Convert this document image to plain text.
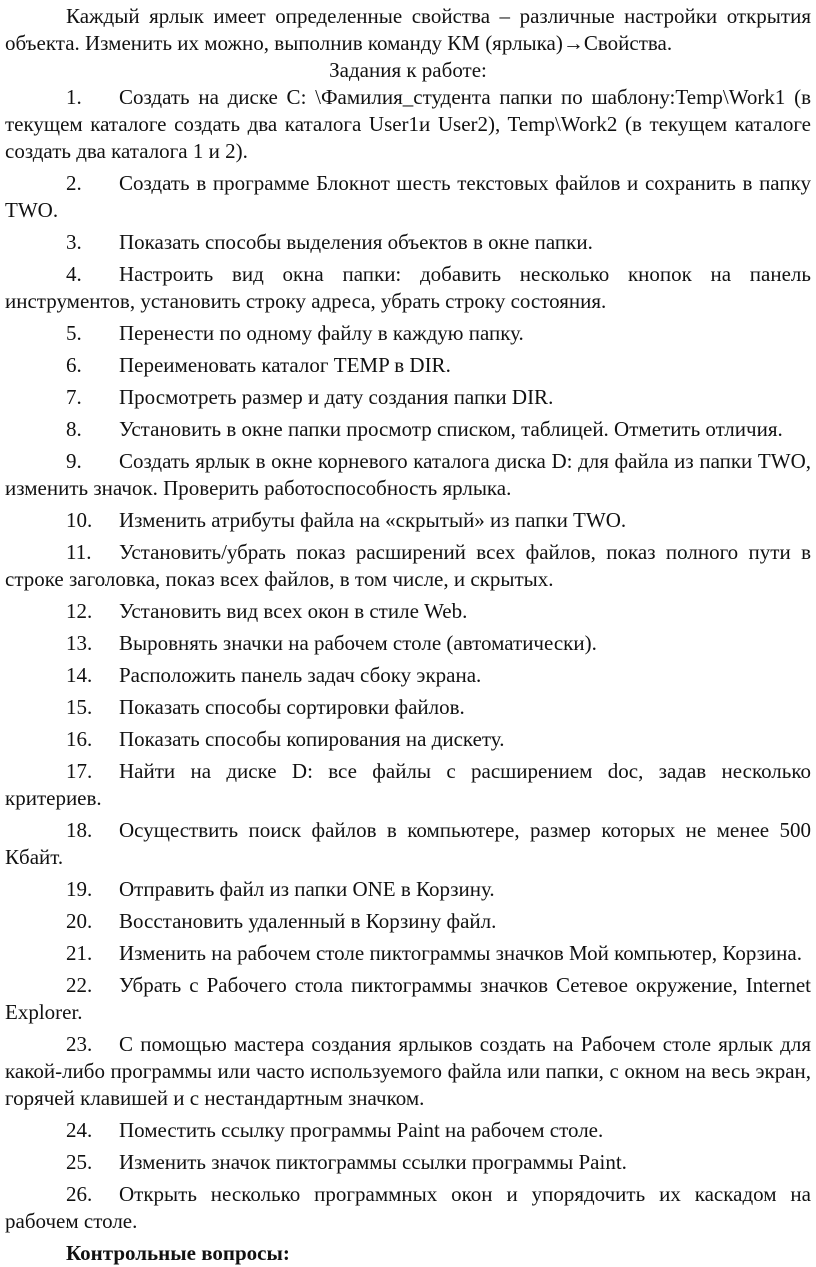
Каждый ярлык имеет определенные свойства – различные настройки открытия объекта. Изменить их можно, выполнив команду КМ (ярлыка)→Свойства.

Задания к работе:

1. Создать на диске С: \Фамилия_студента папки по шаблону:Temp\Work1 (в текущем каталоге создать два каталога User1и User2), Temp\Work2 (в текущем каталоге создать два каталога 1 и 2).

2. Создать в программе Блокнот шесть текстовых файлов и сохранить в папку TWO.

3. Показать способы выделения объектов в окне папки.

4. Настроить вид окна папки: добавить несколько кнопок на панель инструментов, установить строку адреса, убрать строку состояния.

5. Перенести по одному файлу в каждую папку.

6. Переименовать каталог TEMP в DIR.

7. Просмотреть размер и дату создания папки DIR.

8. Установить в окне папки просмотр списком, таблицей. Отметить отличия.

9. Создать ярлык в окне корневого каталога диска D: для файла из папки TWO, изменить значок. Проверить работоспособность ярлыка.

10. Изменить атрибуты файла на «скрытый» из папки TWO.

11. Установить/убрать показ расширений всех файлов, показ полного пути в строке заголовка, показ всех файлов, в том числе, и скрытых.

12. Установить вид всех окон в стиле Web.

13. Выровнять значки на рабочем столе (автоматически).

14. Расположить панель задач сбоку экрана.

15. Показать способы сортировки файлов.

16. Показать способы копирования на дискету.

17. Найти на диске D: все файлы с расширением doc, задав несколько критериев.

18. Осуществить поиск файлов в компьютере, размер которых не менее 500 Кбайт.

19. Отправить файл из папки ONE в Корзину.

20. Восстановить удаленный в Корзину файл.

21. Изменить на рабочем столе пиктограммы значков Мой компьютер, Корзина.

22. Убрать с Рабочего стола пиктограммы значков Сетевое окружение, Internet Explorer.

23. С помощью мастера создания ярлыков создать на Рабочем столе ярлык для какой-либо программы или часто используемого файла или папки, с окном на весь экран, горячей клавишей и с нестандартным значком.

24. Поместить ссылку программы Paint на рабочем столе.

25. Изменить значок пиктограммы ссылки программы Paint.

26. Открыть несколько программных окон и упорядочить их каскадом на рабочем столе.

Контрольные вопросы:
